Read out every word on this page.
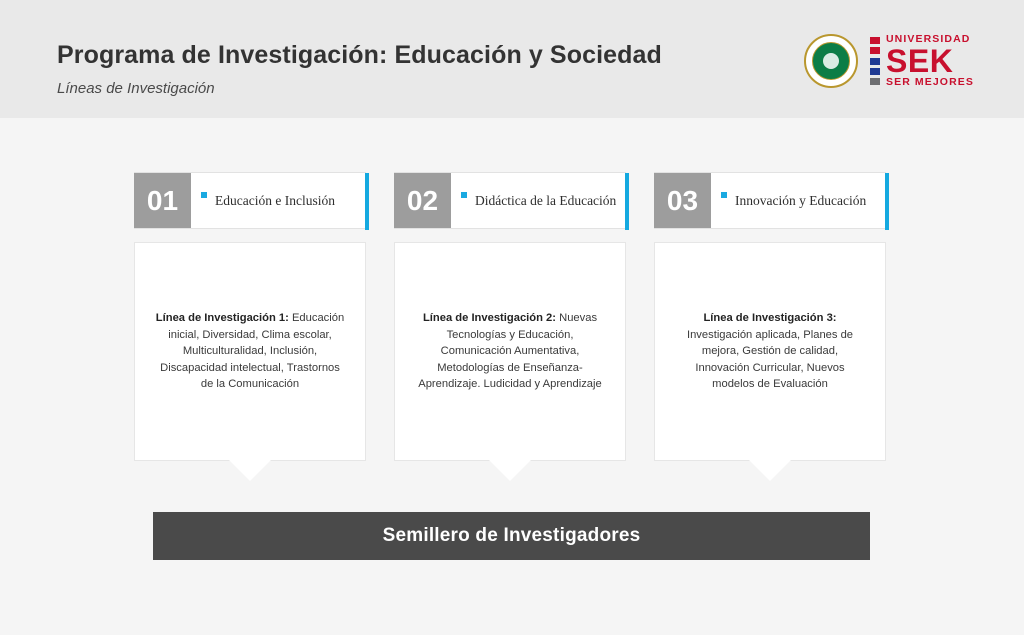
Programa de Investigación: Educación y Sociedad
Líneas de Investigación
UNIVERSIDAD
SEK
SER MEJORES
01	Educación e Inclusión
Línea de Investigación 1: Educación inicial, Diversidad, Clima escolar, Multiculturalidad, Inclusión, Discapacidad intelectual, Trastornos de la Comunicación
02	Didáctica de la Educación
Línea de Investigación 2: Nuevas Tecnologías y Educación, Comunicación Aumentativa, Metodologías de Enseñanza-Aprendizaje. Ludicidad y Aprendizaje
03	Innovación y Educación
Línea de Investigación 3: Investigación aplicada, Planes de mejora, Gestión de calidad, Innovación Curricular, Nuevos modelos de Evaluación
Semillero de Investigadores
